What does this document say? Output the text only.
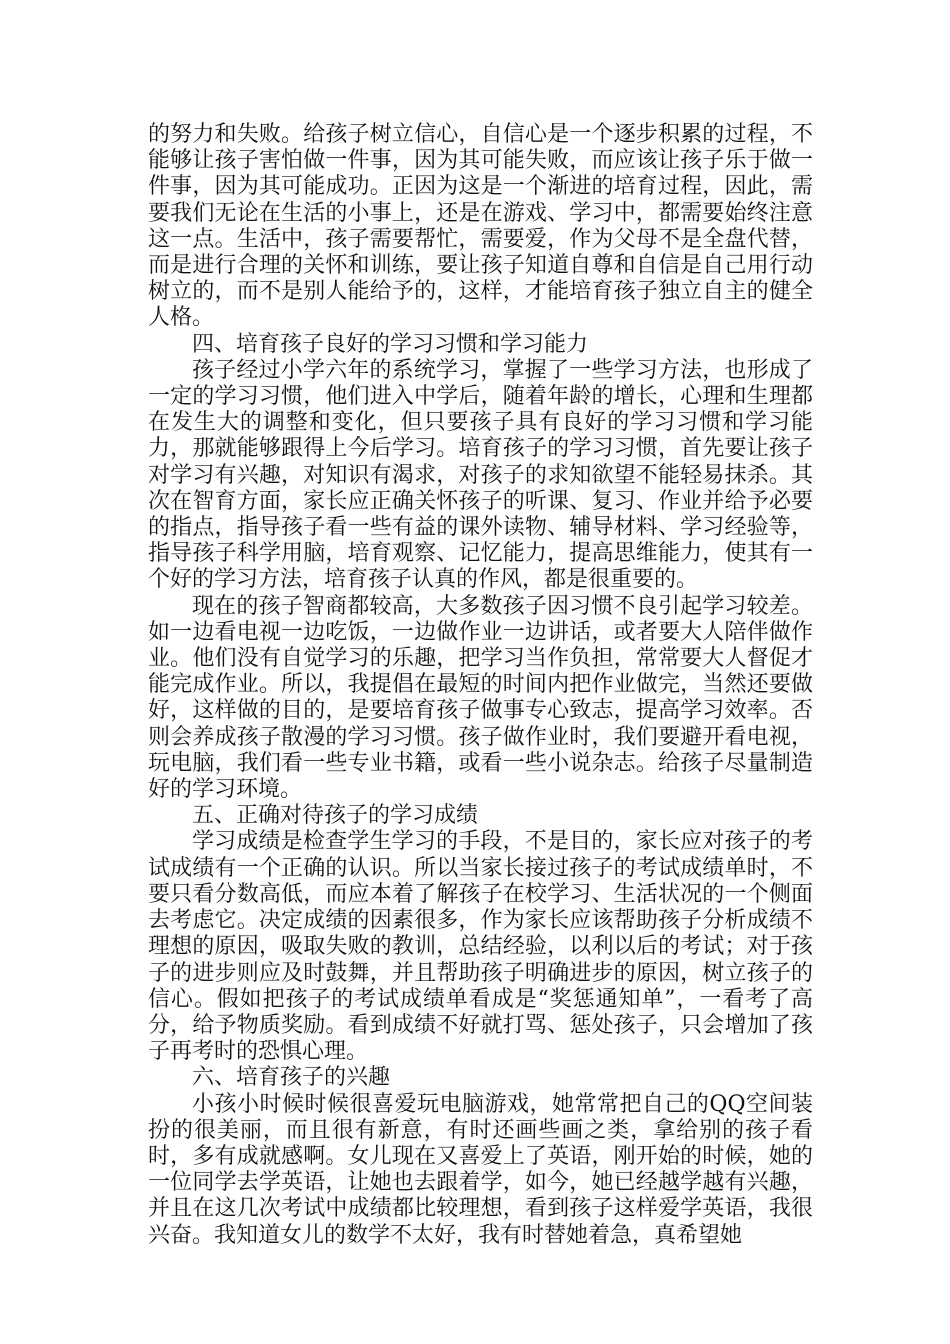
的努力和失败。给孩子树立信心，自信心是一个逐步积累的过程，不能够让孩子害怕做一件事，因为其可能失败，而应该让孩子乐于做一件事，因为其可能成功。正因为这是一个渐进的培育过程，因此，需要我们无论在生活的小事上，还是在游戏、学习中，都需要始终注意这一点。生活中，孩子需要帮忙，需要爱，作为父母不是全盘代替，而是进行合理的关怀和训练，要让孩子知道自尊和自信是自己用行动树立的，而不是别人能给予的，这样，才能培育孩子独立自主的健全人格。

四、培育孩子良好的学习习惯和学习能力

孩子经过小学六年的系统学习，掌握了一些学习方法，也形成了一定的学习习惯，他们进入中学后，随着年龄的增长，心理和生理都在发生大的调整和变化，但只要孩子具有良好的学习习惯和学习能力，那就能够跟得上今后学习。培育孩子的学习习惯，首先要让孩子对学习有兴趣，对知识有渴求，对孩子的求知欲望不能轻易抹杀。其次在智育方面，家长应正确关怀孩子的听课、复习、作业并给予必要的指点，指导孩子看一些有益的课外读物、辅导材料、学习经验等，指导孩子科学用脑，培育观察、记忆能力，提高思维能力，使其有一个好的学习方法，培育孩子认真的作风，都是很重要的。

现在的孩子智商都较高，大多数孩子因习惯不良引起学习较差。如一边看电视一边吃饭，一边做作业一边讲话，或者要大人陪伴做作业。他们没有自觉学习的乐趣，把学习当作负担，常常要大人督促才能完成作业。所以，我提倡在最短的时间内把作业做完，当然还要做好，这样做的目的，是要培育孩子做事专心致志，提高学习效率。否则会养成孩子散漫的学习习惯。孩子做作业时，我们要避开看电视，玩电脑，我们看一些专业书籍，或看一些小说杂志。给孩子尽量制造好的学习环境。

五、正确对待孩子的学习成绩

学习成绩是检查学生学习的手段，不是目的，家长应对孩子的考试成绩有一个正确的认识。所以当家长接过孩子的考试成绩单时，不要只看分数高低，而应本着了解孩子在校学习、生活状况的一个侧面去考虑它。决定成绩的因素很多，作为家长应该帮助孩子分析成绩不理想的原因，吸取失败的教训，总结经验，以利以后的考试；对于孩子的进步则应及时鼓舞，并且帮助孩子明确进步的原因，树立孩子的信心。假如把孩子的考试成绩单看成是“奖惩通知单”，一看考了高分，给予物质奖励。看到成绩不好就打骂、惩处孩子，只会增加了孩子再考时的恐惧心理。

六、培育孩子的兴趣

小孩小时候时候很喜爱玩电脑游戏，她常常把自己的QQ空间装扮的很美丽，而且很有新意，有时还画些画之类，拿给别的孩子看时，多有成就感啊。女儿现在又喜爱上了英语，刚开始的时候，她的一位同学去学英语，让她也去跟着学，如今，她已经越学越有兴趣，并且在这几次考试中成绩都比较理想，看到孩子这样爱学英语，我很兴奋。我知道女儿的数学不太好，我有时替她着急，真希望她
